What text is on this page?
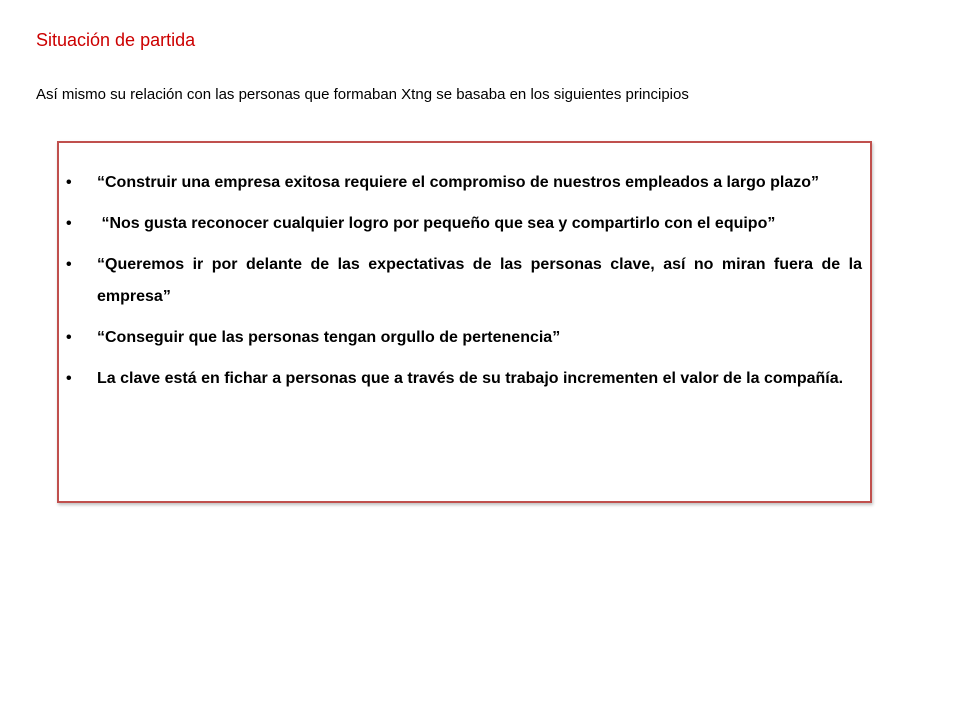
Situación de partida
Así mismo su relación con las personas que formaban Xtng se basaba en los siguientes principios
• “Construir una empresa exitosa requiere el compromiso de nuestros empleados a largo plazo”
• “Nos gusta reconocer cualquier logro por pequeño que sea y compartirlo con el equipo”
• “Queremos ir por delante de las expectativas de las personas clave, así no miran fuera de la empresa”
• “Conseguir que las personas tengan orgullo de pertenencia”
• La clave está en fichar a personas que a través de su trabajo incrementen el valor de la compañía.
